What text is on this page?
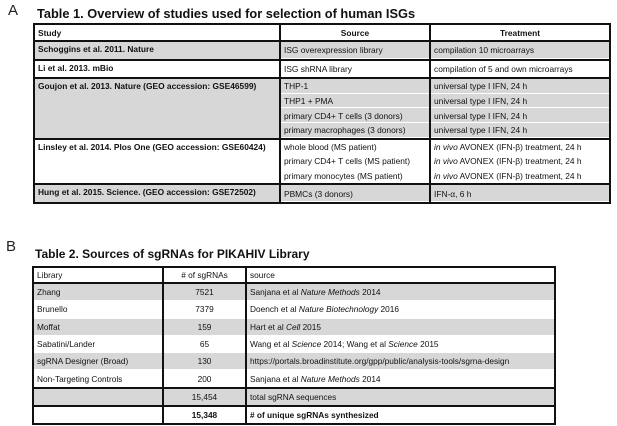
A Table 1. Overview of studies used for selection of human ISGs
Study	Source	Treatment
Schoggins et al. 2011. Nature	ISG overexpression library	compilation 10 microarrays
Li et al. 2013. mBio	ISG shRNA library	compilation of 5 and own microarrays
Goujon et al. 2013. Nature (GEO accession: GSE46599)	THP-1	universal type I IFN, 24 h
	THP1 + PMA	universal type I IFN, 24 h
	primary CD4+ T cells (3 donors)	universal type I IFN, 24 h
	primary macrophages (3 donors)	universal type I IFN, 24 h
Linsley et al. 2014. Plos One (GEO accession: GSE60424)	whole blood (MS patient)	in vivo AVONEX (IFN-β) treatment, 24 h
	primary CD4+ T cells (MS patient)	in vivo AVONEX (IFN-β) treatment, 24 h
	primary monocytes (MS patient)	in vivo AVONEX (IFN-β) treatment, 24 h
Hung et al. 2015. Science. (GEO accession: GSE72502)	PBMCs (3 donors)	IFN-α, 6 h
B Table 2. Sources of sgRNAs for PIKAHIV Library
Library	# of sgRNAs	source
Zhang	7521	Sanjana et al Nature Methods 2014
Brunello	7379	Doench et al Nature Biotechnology 2016
Moffat	159	Hart et al Cell 2015
Sabatini/Lander	65	Wang et al Science 2014; Wang et al Science 2015
sgRNA Designer (Broad)	130	https://portals.broadinstitute.org/gpp/public/analysis-tools/sgrna-design
Non-Targeting Controls	200	Sanjana et al Nature Methods 2014
	15,454	total sgRNA sequences
	15,348	# of unique sgRNAs synthesized
